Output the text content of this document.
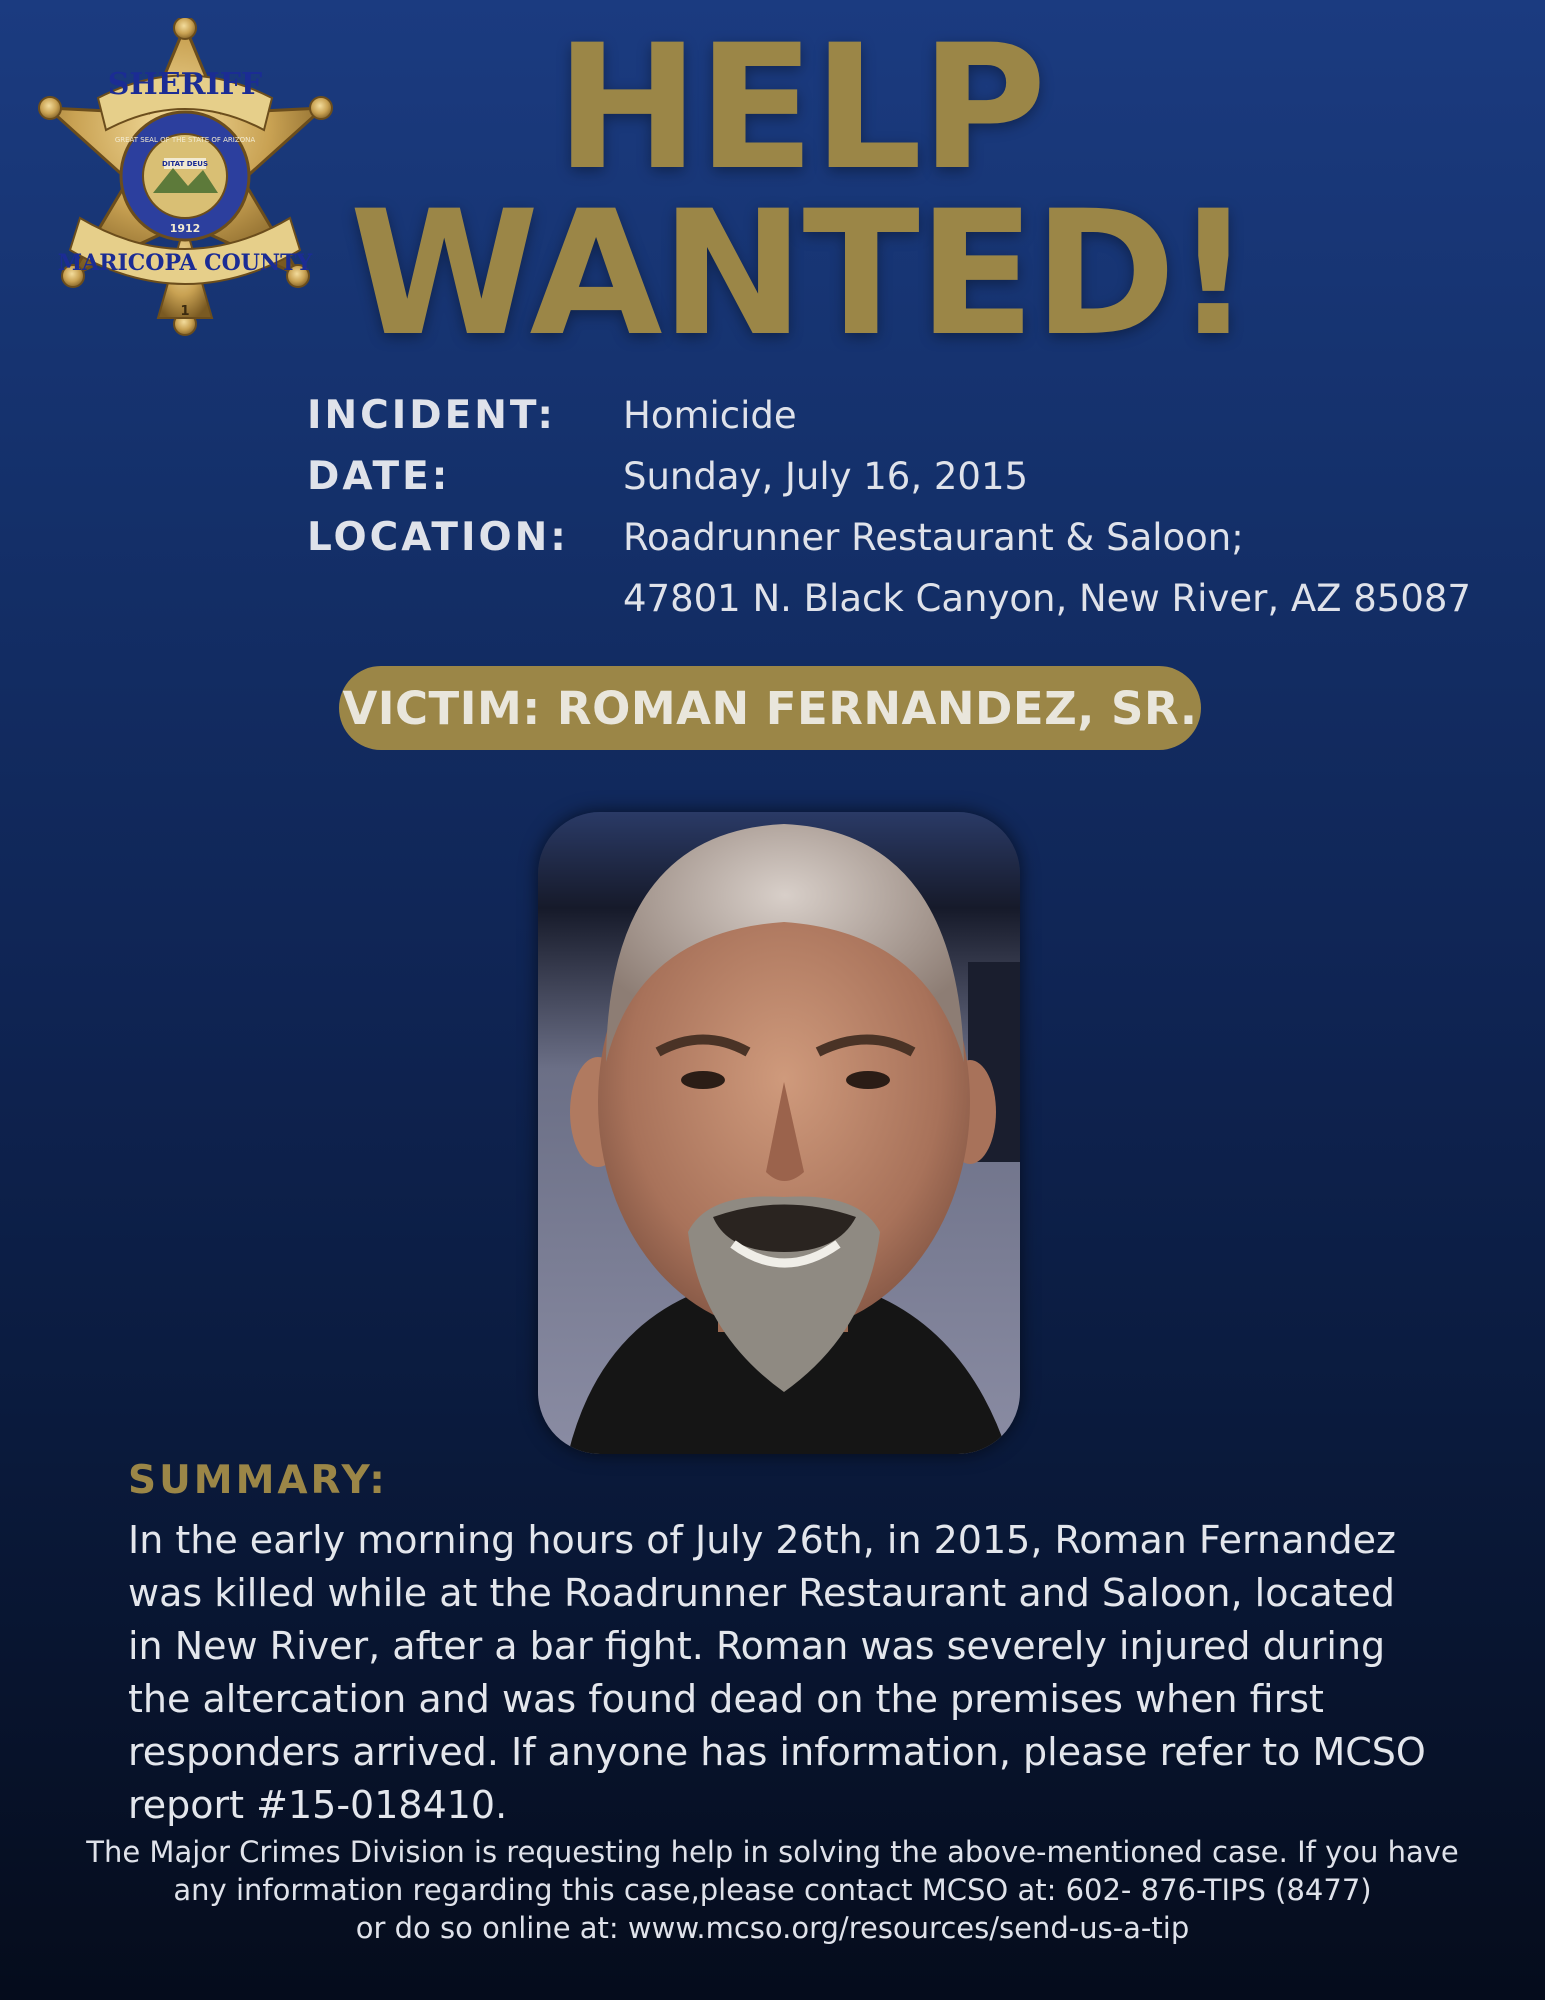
SHERIFF
MARICOPA COUNTY
GREAT SEAL OF THE STATE OF ARIZONA
DITAT DEUS
1912
1
HELP
WANTED!
INCIDENT:	Homicide
DATE:	Sunday, July 16, 2015
LOCATION:	Roadrunner Restaurant & Saloon;
47801 N. Black Canyon, New River, AZ 85087
VICTIM: ROMAN FERNANDEZ, SR.
SUMMARY:

In the early morning hours of July 26th, in 2015, Roman Fernandez was killed while at the Roadrunner Restaurant and Saloon, located in New River, after a bar fight. Roman was severely injured during the altercation and was found dead on the premises when first responders arrived. If anyone has information, please refer to MCSO report #15-018410.

The Major Crimes Division is requesting help in solving the above-mentioned case. If you have
any information regarding this case,please contact MCSO at: 602- 876-TIPS (8477)
or do so online at: www.mcso.org/resources/send-us-a-tip
